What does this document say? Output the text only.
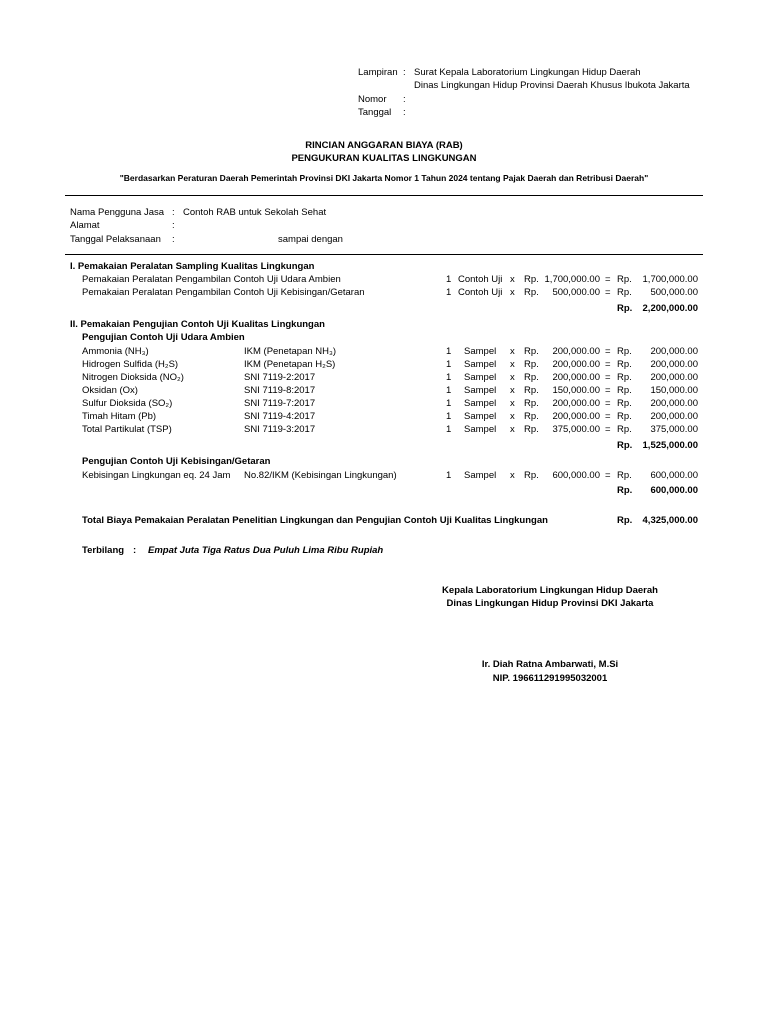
Lampiran : Surat Kepala Laboratorium Lingkungan Hidup Daerah
Dinas Lingkungan Hidup Provinsi Daerah Khusus Ibukota Jakarta
Nomor :
Tanggal :
RINCIAN ANGGARAN BIAYA (RAB)
PENGUKURAN KUALITAS LINGKUNGAN
"Berdasarkan Peraturan Daerah Pemerintah Provinsi DKI Jakarta Nomor 1 Tahun 2024 tentang Pajak Daerah dan Retribusi Daerah"
Nama Pengguna Jasa : Contoh RAB untuk Sekolah Sehat
Alamat	:
Tanggal Pelaksanaan :	sampai dengan
I. Pemakaian Peralatan Sampling Kualitas Lingkungan
Pemakaian Peralatan Pengambilan Contoh Uji Udara Ambien	1 Contoh Uji x Rp. 1,700,000.00 = Rp.	1,700,000.00
Pemakaian Peralatan Pengambilan Contoh Uji Kebisingan/Getaran	1 Contoh Uji x Rp.	500,000.00 = Rp.	500,000.00
Rp.	2,200,000.00
II. Pemakaian Pengujian Contoh Uji Kualitas Lingkungan
Pengujian Contoh Uji Udara Ambien
Ammonia (NH₃)	IKM (Penetapan NH₃)	1 Sampel x Rp.	200,000.00 = Rp.	200,000.00
Hidrogen Sulfida (H₂S)	IKM (Penetapan H₂S)	1 Sampel x Rp.	200,000.00 = Rp.	200,000.00
Nitrogen Dioksida (NO₂)	SNI 7119-2:2017	1 Sampel x Rp.	200,000.00 = Rp.	200,000.00
Oksidan (Ox)	SNI 7119-8:2017	1 Sampel x Rp.	150,000.00 = Rp.	150,000.00
Sulfur Dioksida (SO₂)	SNI 7119-7:2017	1 Sampel x Rp.	200,000.00 = Rp.	200,000.00
Timah Hitam (Pb)	SNI 7119-4:2017	1 Sampel x Rp.	200,000.00 = Rp.	200,000.00
Total Partikulat (TSP)	SNI 7119-3:2017	1 Sampel x Rp.	375,000.00 = Rp.	375,000.00
Rp.	1,525,000.00
Pengujian Contoh Uji Kebisingan/Getaran
Kebisingan Lingkungan eq. 24 Jam No.82/IKM (Kebisingan Lingkungan)	1 Sampel x Rp.	600,000.00 = Rp.	600,000.00
Rp.	600,000.00
Total Biaya Pemakaian Peralatan Penelitian Lingkungan dan Pengujian Contoh Uji Kualitas Lingkungan	Rp.	4,325,000.00
Terbilang : Empat Juta Tiga Ratus Dua Puluh Lima Ribu Rupiah
Kepala Laboratorium Lingkungan Hidup Daerah
Dinas Lingkungan Hidup Provinsi DKI Jakarta
Ir. Diah Ratna Ambarwati, M.Si
NIP. 196611291995032001
